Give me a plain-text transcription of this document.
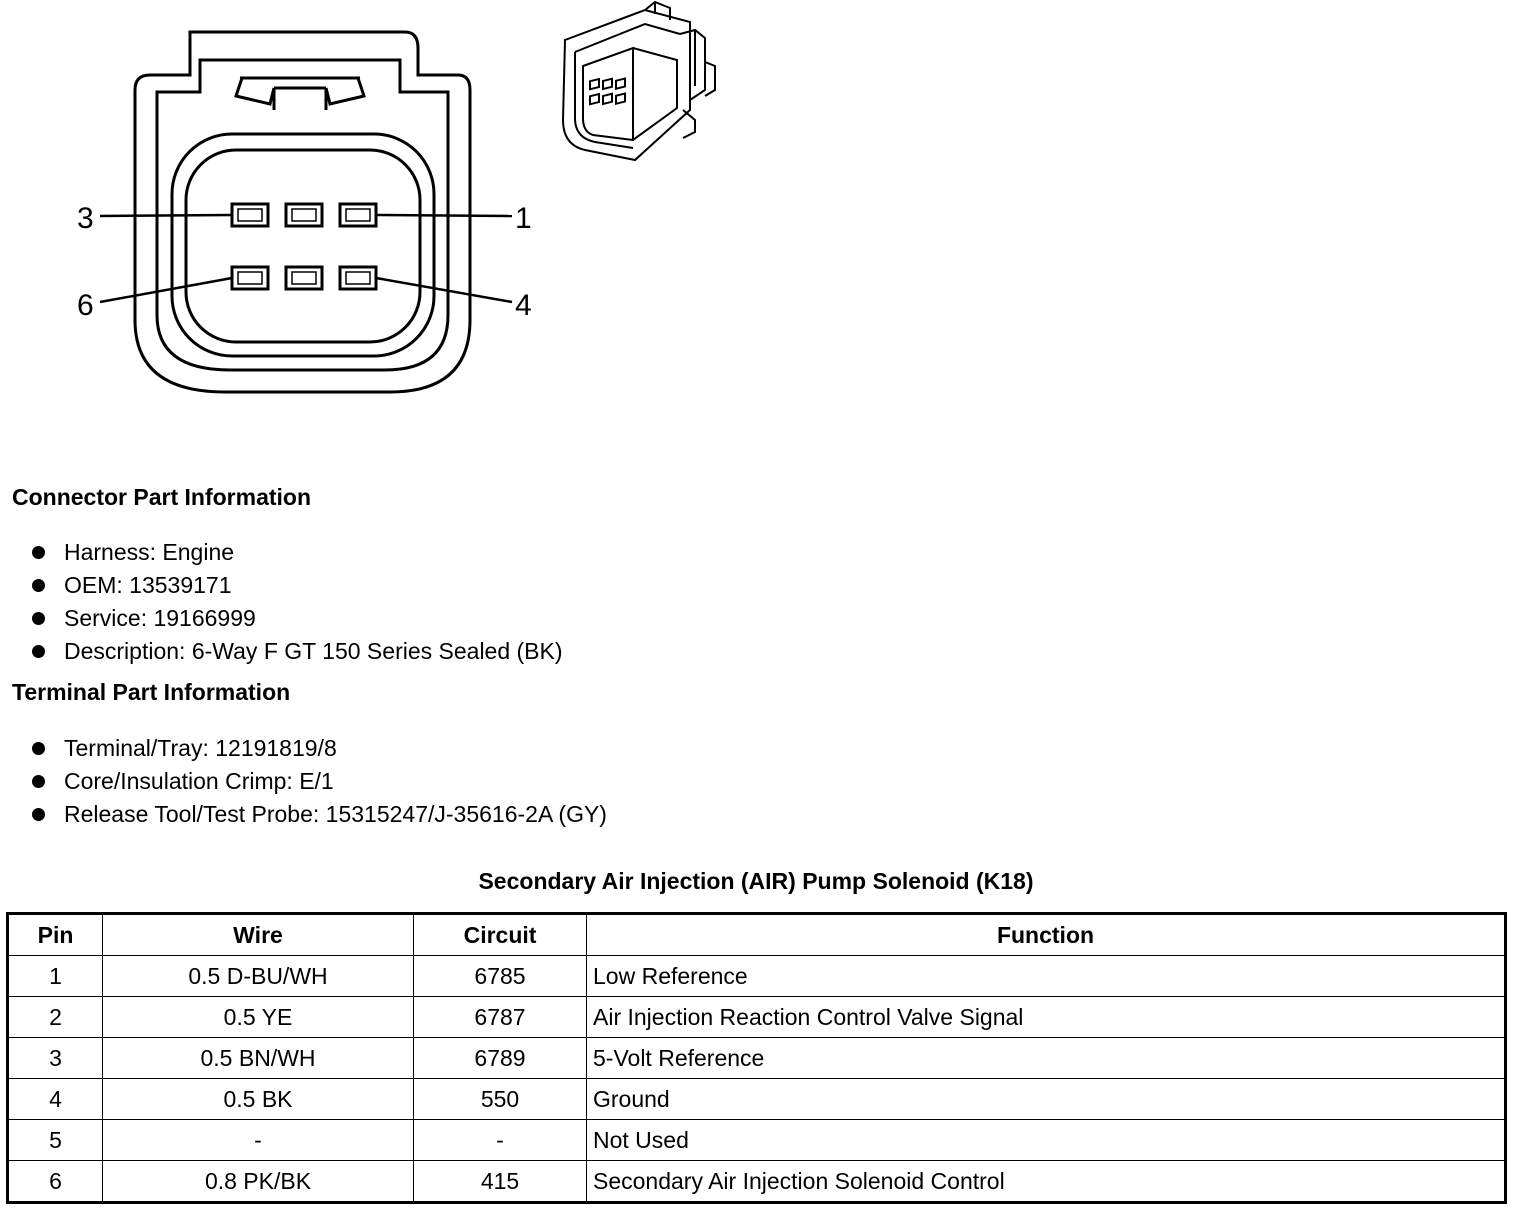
3	1
6	4
Connector Part Information
Harness: Engine
OEM: 13539171
Service: 19166999
Description: 6-Way F GT 150 Series Sealed (BK)
Terminal Part Information
Terminal/Tray: 12191819/8
Core/Insulation Crimp: E/1
Release Tool/Test Probe: 15315247/J-35616-2A (GY)
Secondary Air Injection (AIR) Pump Solenoid (K18)
Pin	Wire	Circuit	Function
1	0.5 D-BU/WH	6785	Low Reference
2	0.5 YE	6787	Air Injection Reaction Control Valve Signal
3	0.5 BN/WH	6789	5-Volt Reference
4	0.5 BK	550	Ground
5	-	-	Not Used
6	0.8 PK/BK	415	Secondary Air Injection Solenoid Control
